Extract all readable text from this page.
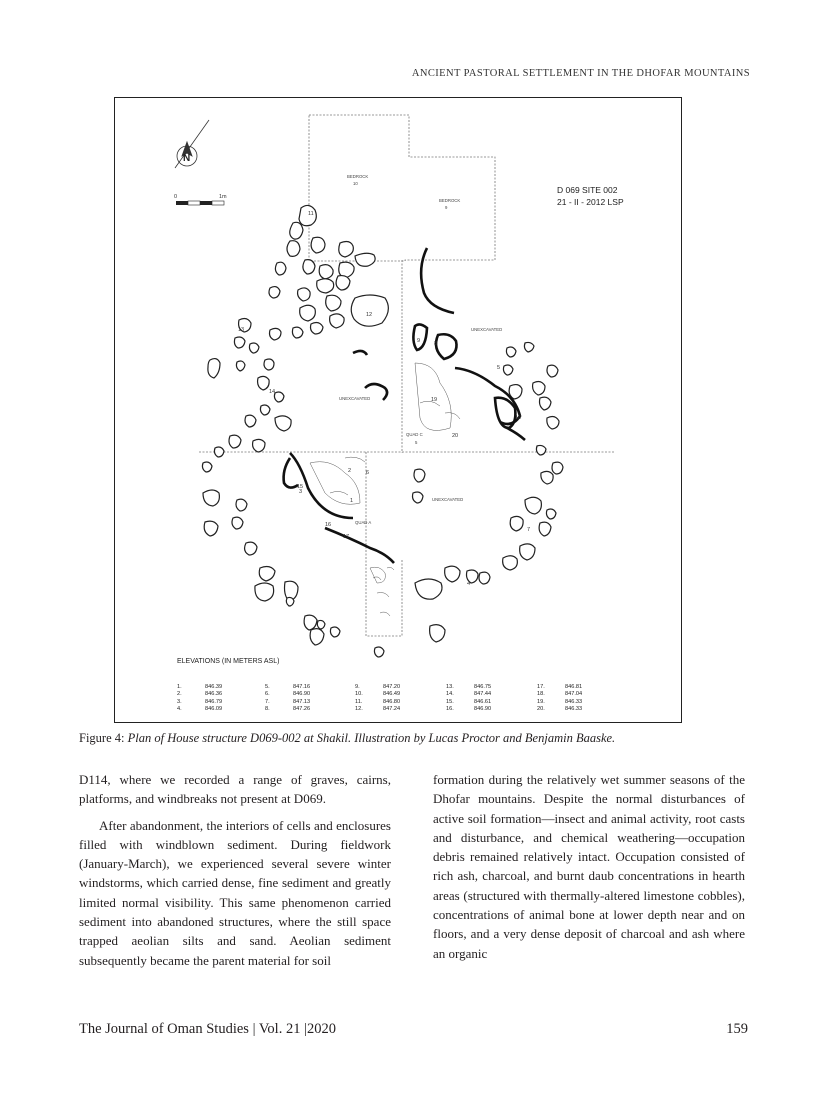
ANCIENT PASTORAL SETTLEMENT IN THE DHOFAR MOUNTAINS
N
0	1m
BEDROCK
10
BEDROCK
9
UNEXCAVATED
UNEXCAVATED
UNEXCAVATED
QUAD C
5
QUAD A
1
2
3
4
5
6
7
8
9
11
12
13
14
15
16
17
18
19
20
D 069 SITE 002
21 - II - 2012 LSP
ELEVATIONS (IN METERS ASL)
1.	846.39
2.	846.36
3.	846.79
4.	846.09
5.	847.16
6.	846.90
7.	847.13
8.	847.26
9.	847.20
10.	846.49
11.	846.80
12.	847.24
13.	846.75
14.	847.44
15.	846.61
16.	846.90
17.	846.81
18.	847.04
19.	846.33
20.	846.33
Figure 4: Plan of House structure D069-002 at Shakil. Illustration by Lucas Proctor and Benjamin Baaske.

D114, where we recorded a range of graves, cairns, platforms, and windbreaks not present at D069.

After abandonment, the interiors of cells and enclosures filled with windblown sediment. During fieldwork (January-March), we experienced several severe winter windstorms, which carried dense, fine sediment and greatly limited normal visibility. This same phenomenon carried sediment into abandoned structures, where the still space trapped aeolian silts and sand. Aeolian sediment subsequently became the parent material for soil

formation during the relatively wet summer seasons of the Dhofar mountains. Despite the normal disturbances of active soil formation—insect and animal activity, root casts and disturbance, and chemical weathering—occupation debris remained relatively intact. Occupation consisted of rich ash, charcoal, and burnt daub concentrations in hearth areas (structured with thermally-altered limestone cobbles), concentrations of animal bone at lower depth near and on floors, and a very dense deposit of charcoal and ash where an organic

The Journal of Oman Studies | Vol. 21 |2020	159
